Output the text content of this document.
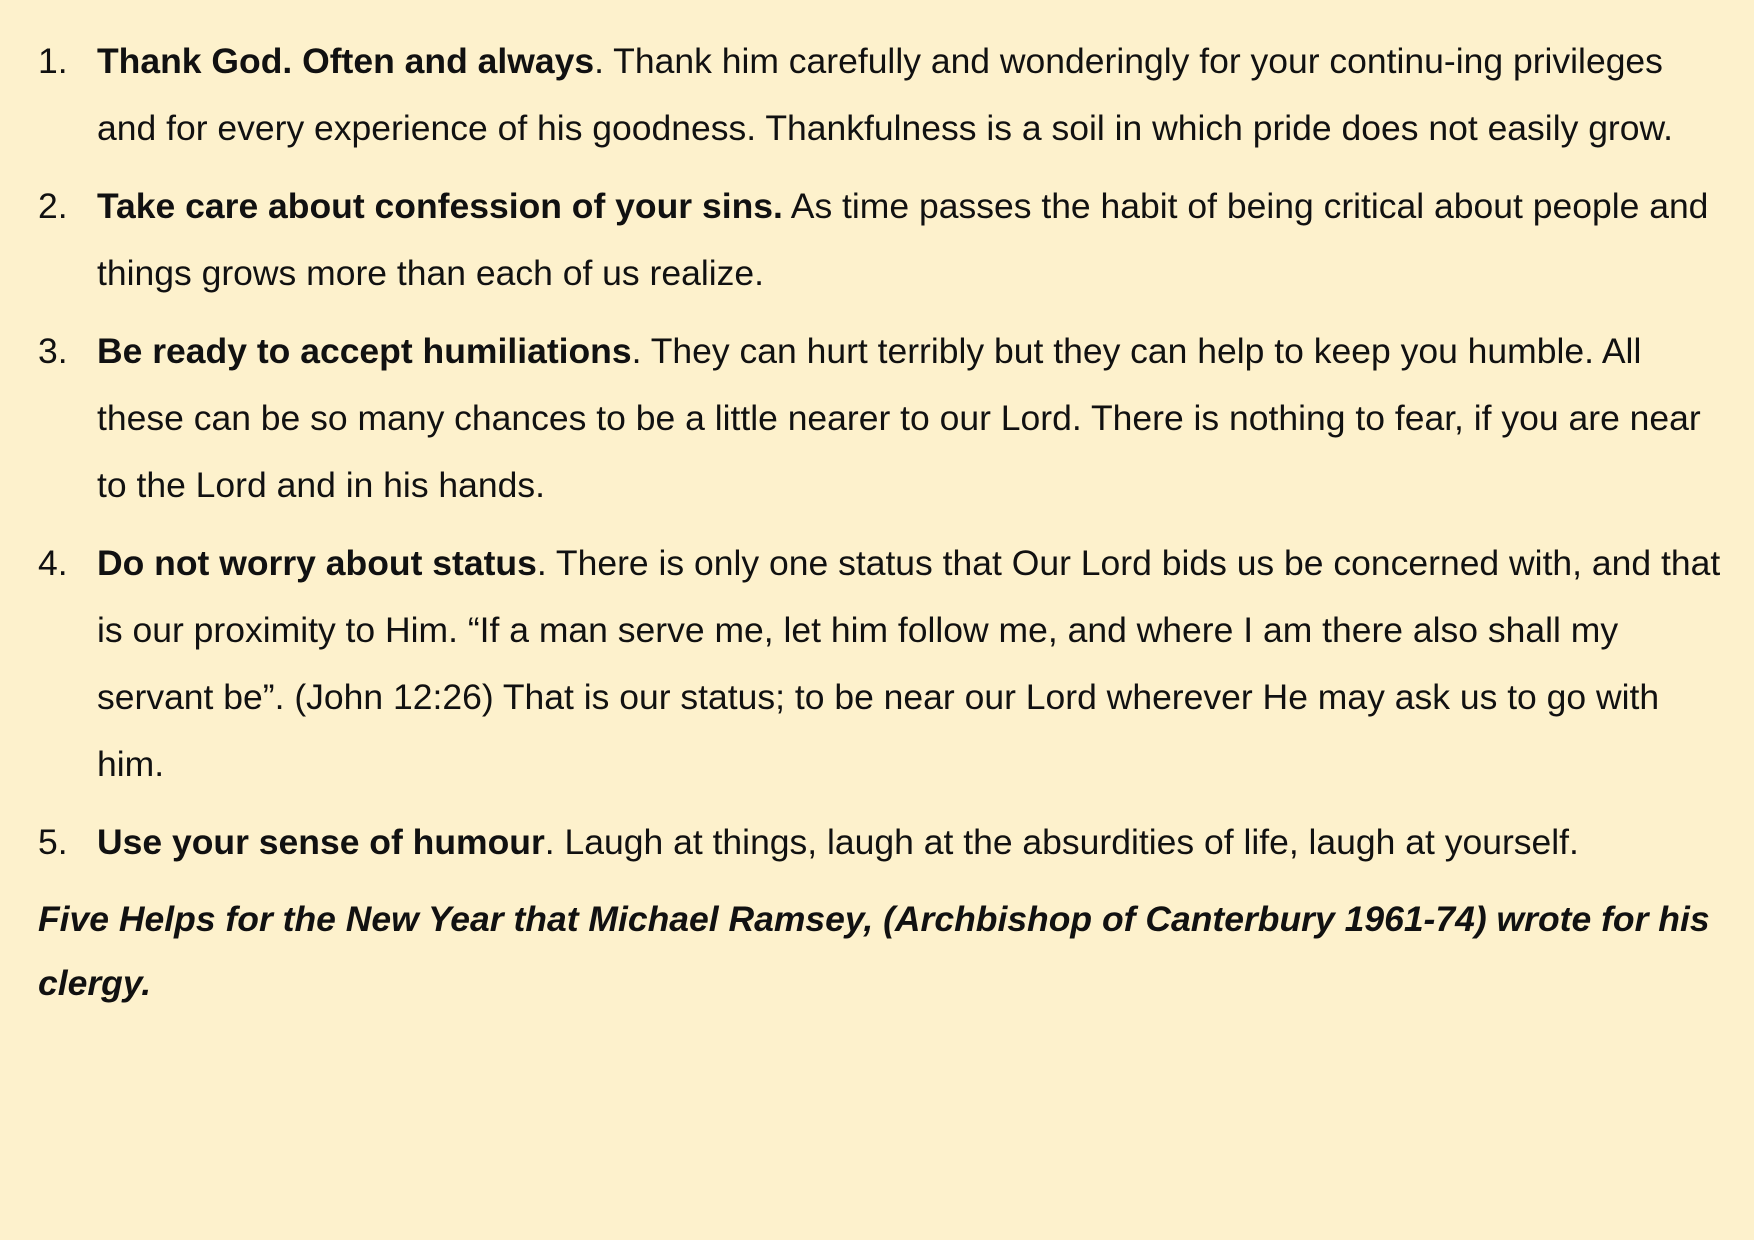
1. Thank God. Often and always. Thank him carefully and wonderingly for your continu-ing privileges and for every experience of his goodness. Thankfulness is a soil in which pride does not easily grow.
2. Take care about confession of your sins. As time passes the habit of being critical about people and things grows more than each of us realize.
3. Be ready to accept humiliations. They can hurt terribly but they can help to keep you humble. All these can be so many chances to be a little nearer to our Lord. There is nothing to fear, if you are near to the Lord and in his hands.
4. Do not worry about status. There is only one status that Our Lord bids us be concerned with, and that is our proximity to Him. “If a man serve me, let him follow me, and where I am there also shall my servant be”. (John 12:26) That is our status; to be near our Lord wherever He may ask us to go with him.
5. Use your sense of humour. Laugh at things, laugh at the absurdities of life, laugh at yourself.

Five Helps for the New Year that Michael Ramsey, (Archbishop of Canterbury 1961-74) wrote for his clergy.
